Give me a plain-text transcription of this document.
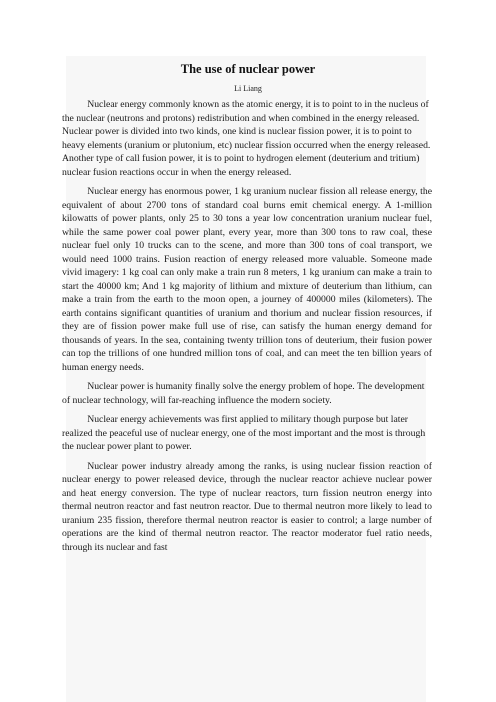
The use of nuclear power

Li Liang

Nuclear energy commonly known as the atomic energy, it is to point to in the nucleus of the nuclear (neutrons and protons) redistribution and when combined in the energy released. Nuclear power is divided into two kinds, one kind is nuclear fission power, it is to point to heavy elements (uranium or plutonium, etc) nuclear fission occurred when the energy released. Another type of call fusion power, it is to point to hydrogen element (deuterium and tritium) nuclear fusion reactions occur in when the energy released.

Nuclear energy has enormous power, 1 kg uranium nuclear fission all release energy, the equivalent of about 2700 tons of standard coal burns emit chemical energy. A 1-million kilowatts of power plants, only 25 to 30 tons a year low concentration uranium nuclear fuel, while the same power coal power plant, every year, more than 300 tons to raw coal, these nuclear fuel only 10 trucks can to the scene, and more than 300 tons of coal transport, we would need 1000 trains. Fusion reaction of energy released more valuable. Someone made vivid imagery: 1 kg coal can only make a train run 8 meters, 1 kg uranium can make a train to start the 40000 km; And 1 kg majority of lithium and mixture of deuterium than lithium, can make a train from the earth to the moon open, a journey of 400000 miles (kilometers). The earth contains significant quantities of uranium and thorium and nuclear fission resources, if they are of fission power make full use of rise, can satisfy the human energy demand for thousands of years. In the sea, containing twenty trillion tons of deuterium, their fusion power can top the trillions of one hundred million tons of coal, and can meet the ten billion years of human energy needs.

Nuclear power is humanity finally solve the energy problem of hope. The development of nuclear technology, will far-reaching influence the modern society.

Nuclear energy achievements was first applied to military though purpose but later realized the peaceful use of nuclear energy, one of the most important and the most is through the nuclear power plant to power.

Nuclear power industry already among the ranks, is using nuclear fission reaction of nuclear energy to power released device, through the nuclear reactor achieve nuclear power and heat energy conversion. The type of nuclear reactors, turn fission neutron energy into thermal neutron reactor and fast neutron reactor. Due to thermal neutron more likely to lead to uranium 235 fission, therefore thermal neutron reactor is easier to control; a large number of operations are the kind of thermal neutron reactor. The reactor moderator fuel ratio needs, through its nuclear and fast
